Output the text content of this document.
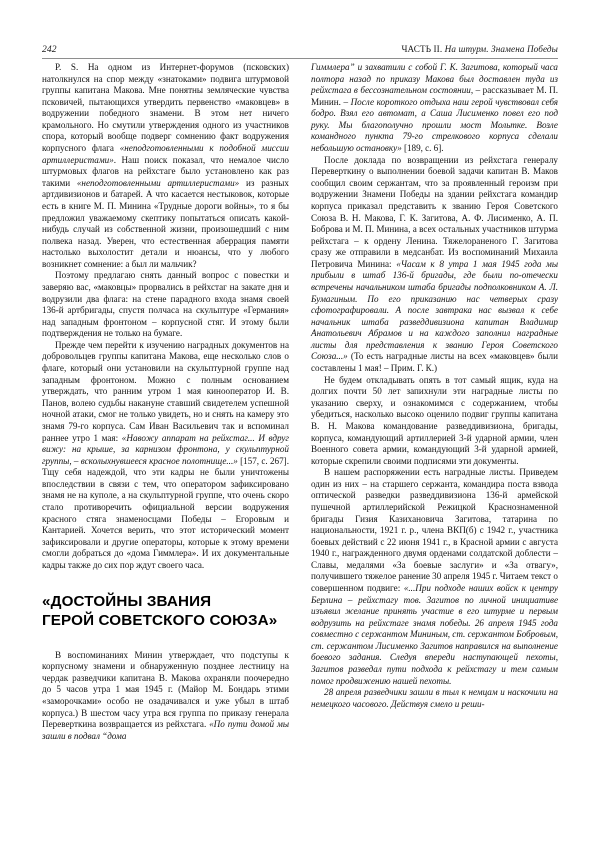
242	ЧАСТЬ II. На штурм. Знамена Победы

P. S. На одном из Интернет-форумов (псковских) натолкнулся на спор между «знатоками» подвига штурмовой группы капитана Макова. Мне понятны земляческие чувства псковичей, пытающихся утвердить первенство «маковцев» в водружении победного знамени. В этом нет ничего крамольного. Но смутили утверждения одного из участников спора, который вообще подверг сомнению факт водружения корпусного флага «неподготовленными к подобной миссии артиллеристами». Наш поиск показал, что немалое число штурмовых флагов на рейхстаге было установлено как раз такими «неподготовленными артиллеристами» из разных артдивизионов и батарей. А что касается нестыковок, которые есть в книге М. П. Минина «Трудные дороги войны», то я бы предложил уважаемому скептику попытаться описать какой-нибудь случай из собственной жизни, произошедший с ним полвека назад. Уверен, что естественная аберрация памяти настолько выхолостит детали и нюансы, что у любого возникнет сомнение: а был ли мальчик?

Поэтому предлагаю снять данный вопрос с повестки и заверяю вас, «маковцы» прорвались в рейхстаг на закате дня и водрузили два флага: на стене парадного входа знамя своей 136-й артбригады, спустя полчаса на скульптуре «Германия» над западным фронтоном – корпусной стяг. И этому были подтверждения не только на бумаге.

Прежде чем перейти к изучению наградных документов на добровольцев группы капитана Макова, еще несколько слов о флаге, который они установили на скульптурной группе над западным фронтоном. Можно с полным основанием утверждать, что ранним утром 1 мая кинооператор И. В. Панов, волею судьбы накануне ставший свидетелем успешной ночной атаки, смог не только увидеть, но и снять на камеру это знамя 79-го корпуса. Сам Иван Васильевич так и вспоминал раннее утро 1 мая: «Навожу аппарат на рейхстаг... И вдруг вижу: на крыше, за карнизом фронтона, у скульптурной группы, – всколыхнувшееся красное полотнище...» [157, с. 267]. Тщу себя надеждой, что эти кадры не были уничтожены впоследствии в связи с тем, что оператором зафиксировано знамя не на куполе, а на скульптурной группе, что очень скоро стало противоречить официальной версии водружения красного стяга знаменосцами Победы – Егоровым и Кантарией. Хочется верить, что этот исторический момент зафиксировали и другие операторы, которые к этому времени смогли добраться до «дома Гиммлера». И их документальные кадры также до сих пор ждут своего часа.

«ДОСТОЙНЫ ЗВАНИЯ
ГЕРОЙ СОВЕТСКОГО СОЮЗА»

В воспоминаниях Минин утверждает, что подступы к корпусному знамени и обнаруженную позднее лестницу на чердак разведчики капитана В. Макова охраняли поочередно до 5 часов утра 1 мая 1945 г. (Майор М. Бондарь этими «заморочками» особо не озадачивался и уже убыл в штаб корпуса.) В шестом часу утра вся группа по приказу генерала Переверткина возвращается из рейхстага. «По пути домой мы зашли в подвал “дома

Гиммлера” и захватили с собой Г. К. Загитова, который часа полтора назад по приказу Макова был доставлен туда из рейхстага в бессознательном состоянии, – рассказывает М. П. Минин. – После короткого отдыха наш герой чувствовал себя бодро. Взял его автомат, а Саша Лисименко повел его под руку. Мы благополучно прошли мост Мольтке. Возле командного пункта 79-го стрелкового корпуса сделали небольшую остановку» [189, с. 6].

После доклада по возвращении из рейхстага генералу Переверткину о выполнении боевой задачи капитан В. Маков сообщил своим сержантам, что за проявленный героизм при водружении Знамени Победы на здании рейхстага командир корпуса приказал представить к званию Героя Советского Союза В. Н. Макова, Г. К. Загитова, А. Ф. Лисименко, А. П. Боброва и М. П. Минина, а всех остальных участников штурма рейхстага – к ордену Ленина. Тяжелораненого Г. Загитова сразу же отправили в медсанбат. Из воспоминаний Михаила Петровича Минина: «Часам к 8 утра 1 мая 1945 года мы прибыли в штаб 136-й бригады, где были по-отечески встречены начальником штаба бригады подполковником А. Л. Бумагиным. По его приказанию нас четверых сразу сфотографировали. А после завтрака нас вызвал к себе начальник штаба разведдивизиона капитан Владимир Анатольевич Абрамов и на каждого заполнил наградные листы для представления к званию Героя Советского Союза...» (То есть наградные листы на всех «маковцев» были составлены 1 мая! – Прим. Г. К.)

Не будем откладывать опять в тот самый ящик, куда на долгих почти 50 лет запихнули эти наградные листы по указанию сверху, и ознакомимся с содержанием, чтобы убедиться, насколько высоко оценило подвиг группы капитана В. Н. Макова командование разведдивизиона, бригады, корпуса, командующий артиллерией 3-й ударной армии, член Военного совета армии, командующий 3-й ударной армией, которые скрепили своими подписями эти документы.

В нашем распоряжении есть наградные листы. Приведем один из них – на старшего сержанта, командира поста взвода оптической разведки разведдивизиона 136-й армейской пушечной артиллерийской Режицкой Краснознаменной бригады Гизия Казихановича Загитова, татарина по национальности, 1921 г. р., члена ВКП(б) с 1942 г., участника боевых действий с 22 июня 1941 г., в Красной армии с августа 1940 г., награжденного двумя орденами солдатской доблести – Славы, медалями «За боевые заслуги» и «За отвагу», получившего тяжелое ранение 30 апреля 1945 г. Читаем текст о совершенном подвиге: «...При подходе наших войск к центру Берлина – рейхстагу тов. Загитов по личной инициативе изъявил желание принять участие в его штурме и первым водрузить на рейхстаге знамя победы. 26 апреля 1945 года совместно с сержантом Мининым, ст. сержантом Бобровым, ст. сержантом Лисименко Загитов направился на выполнение боевого задания. Следуя впереди наступающей пехоты, Загитов разведал пути подхода к рейхстагу и тем самым помог продвижению нашей пехоты.

28 апреля разведчики зашли в тыл к немцам и наскочили на немецкого часового. Действуя смело и реши-
